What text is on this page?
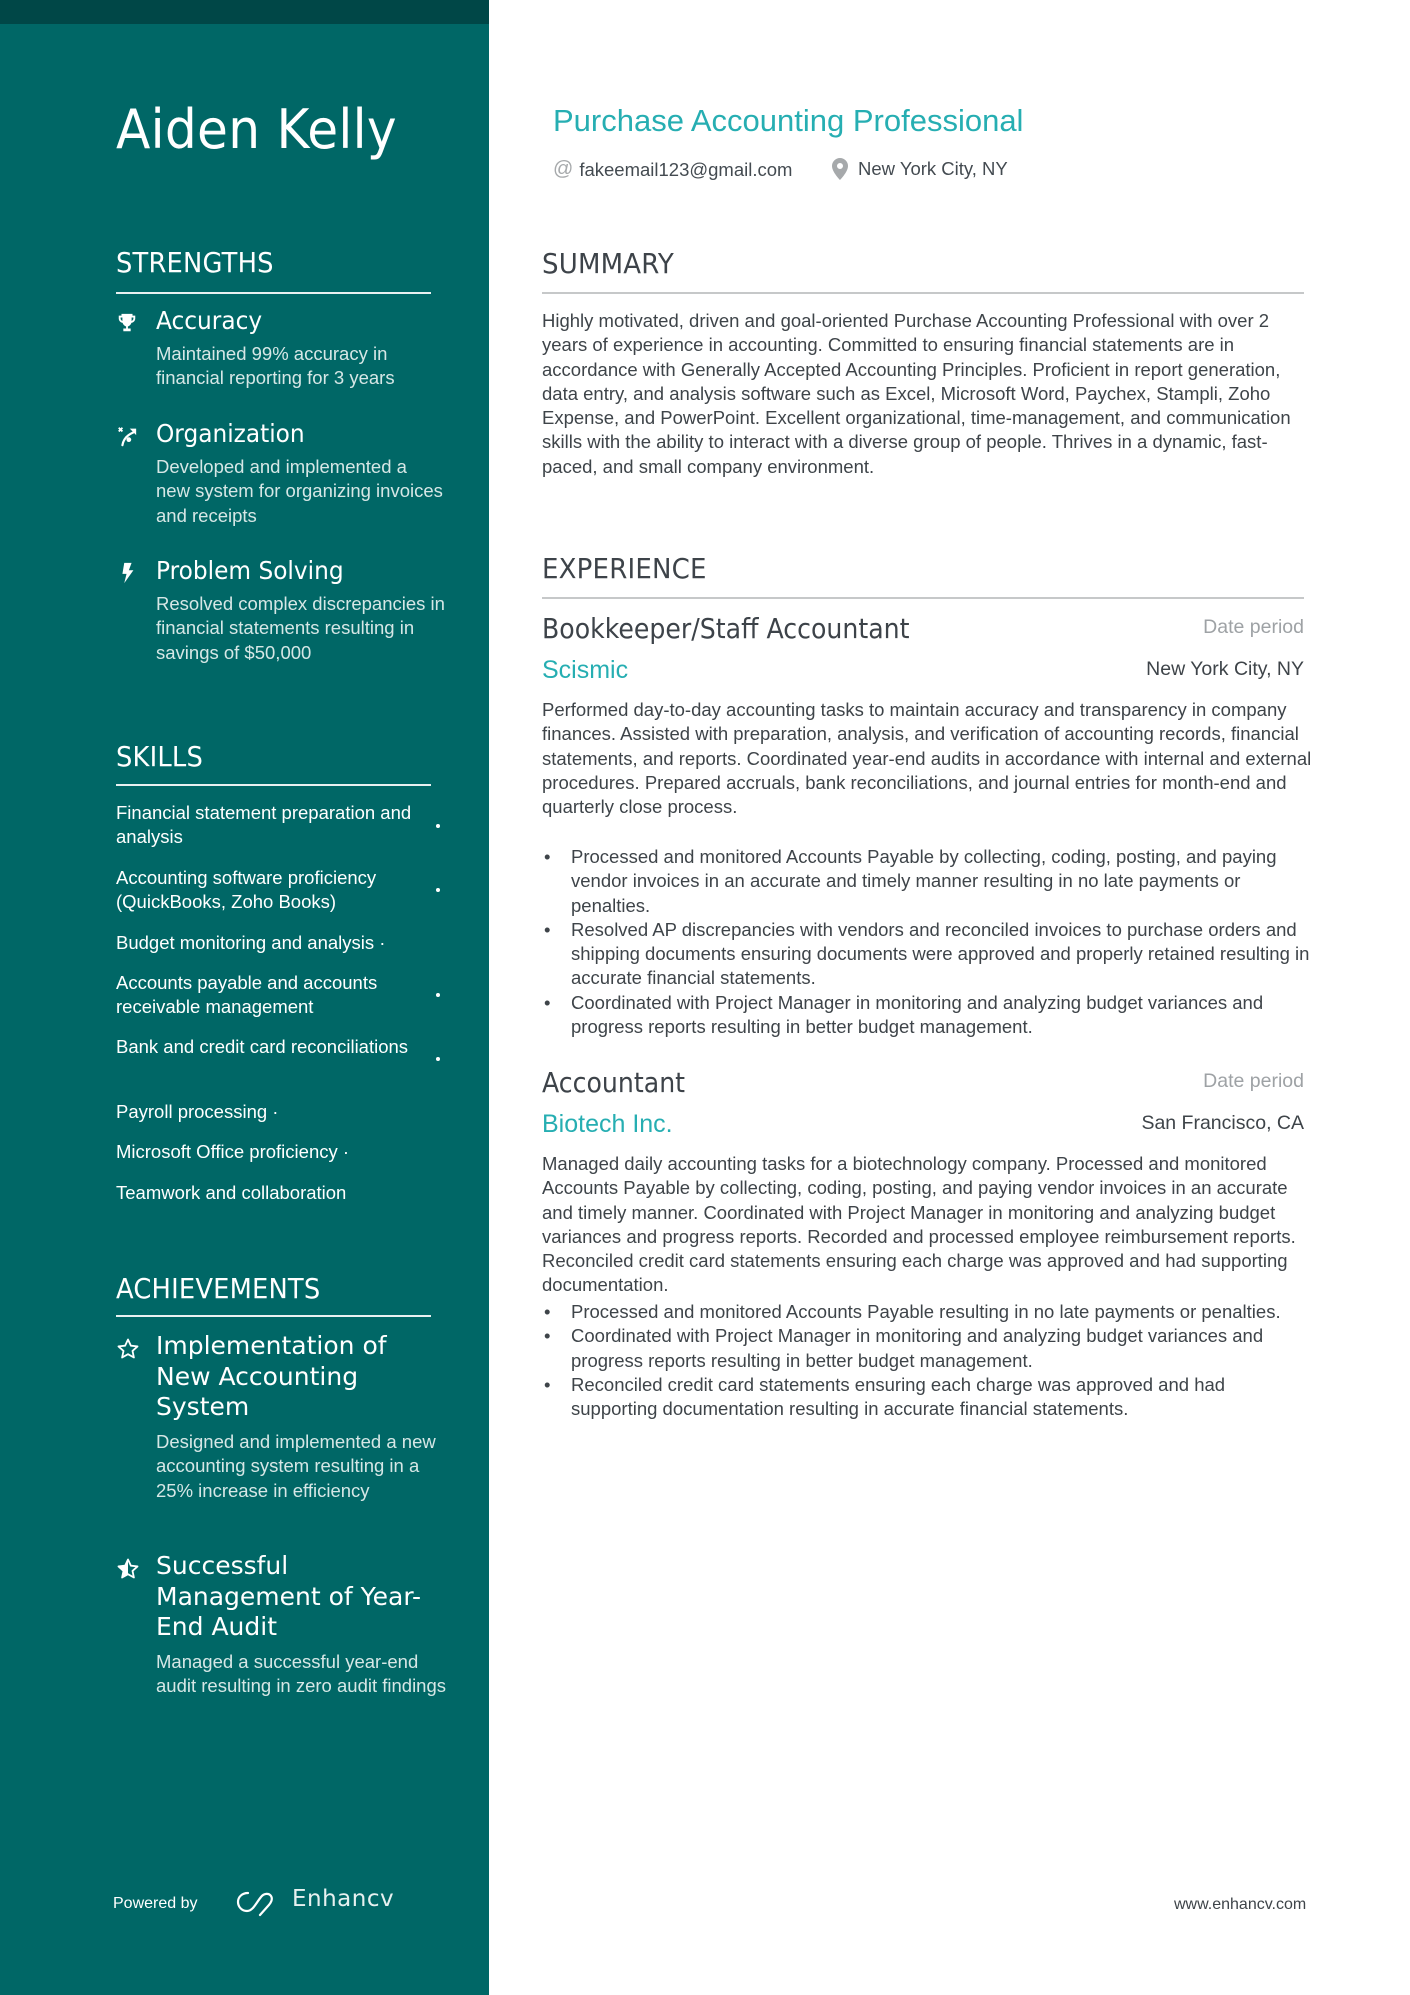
Aiden Kelly
STRENGTHS
Accuracy
Maintained 99% accuracy in financial reporting for 3 years
Organization
Developed and implemented a new system for organizing invoices and receipts
Problem Solving
Resolved complex discrepancies in financial statements resulting in savings of $50,000
SKILLS
Financial statement preparation and analysis
Accounting software proficiency (QuickBooks, Zoho Books)
Budget monitoring and analysis ·
Accounts payable and accounts receivable management
Bank and credit card reconciliations
Payroll processing ·
Microsoft Office proficiency ·
Teamwork and collaboration
ACHIEVEMENTS
Implementation of New Accounting System
Designed and implemented a new accounting system resulting in a 25% increase in efficiency
Successful Management of Year-End Audit
Managed a successful year-end audit resulting in zero audit findings
Powered by	Enhancv
Purchase Accounting Professional
@ fakeemail123@gmail.com	New York City, NY
SUMMARY
Highly motivated, driven and goal-oriented Purchase Accounting Professional with over 2 years of experience in accounting. Committed to ensuring financial statements are in accordance with Generally Accepted Accounting Principles. Proficient in report generation, data entry, and analysis software such as Excel, Microsoft Word, Paychex, Stampli, Zoho Expense, and PowerPoint. Excellent organizational, time-management, and communication skills with the ability to interact with a diverse group of people. Thrives in a dynamic, fast-paced, and small company environment.
EXPERIENCE
Bookkeeper/Staff Accountant	Date period
Scismic	New York City, NY
Performed day-to-day accounting tasks to maintain accuracy and transparency in company finances. Assisted with preparation, analysis, and verification of accounting records, financial statements, and reports. Coordinated year-end audits in accordance with internal and external procedures. Prepared accruals, bank reconciliations, and journal entries for month-end and quarterly close process.
• Processed and monitored Accounts Payable by collecting, coding, posting, and paying vendor invoices in an accurate and timely manner resulting in no late payments or penalties.
• Resolved AP discrepancies with vendors and reconciled invoices to purchase orders and shipping documents ensuring documents were approved and properly retained resulting in accurate financial statements.
• Coordinated with Project Manager in monitoring and analyzing budget variances and progress reports resulting in better budget management.
Accountant	Date period
Biotech Inc.	San Francisco, CA
Managed daily accounting tasks for a biotechnology company. Processed and monitored Accounts Payable by collecting, coding, posting, and paying vendor invoices in an accurate and timely manner. Coordinated with Project Manager in monitoring and analyzing budget variances and progress reports. Recorded and processed employee reimbursement reports. Reconciled credit card statements ensuring each charge was approved and had supporting documentation.
• Processed and monitored Accounts Payable resulting in no late payments or penalties.
• Coordinated with Project Manager in monitoring and analyzing budget variances and progress reports resulting in better budget management.
• Reconciled credit card statements ensuring each charge was approved and had supporting documentation resulting in accurate financial statements.
www.enhancv.com
